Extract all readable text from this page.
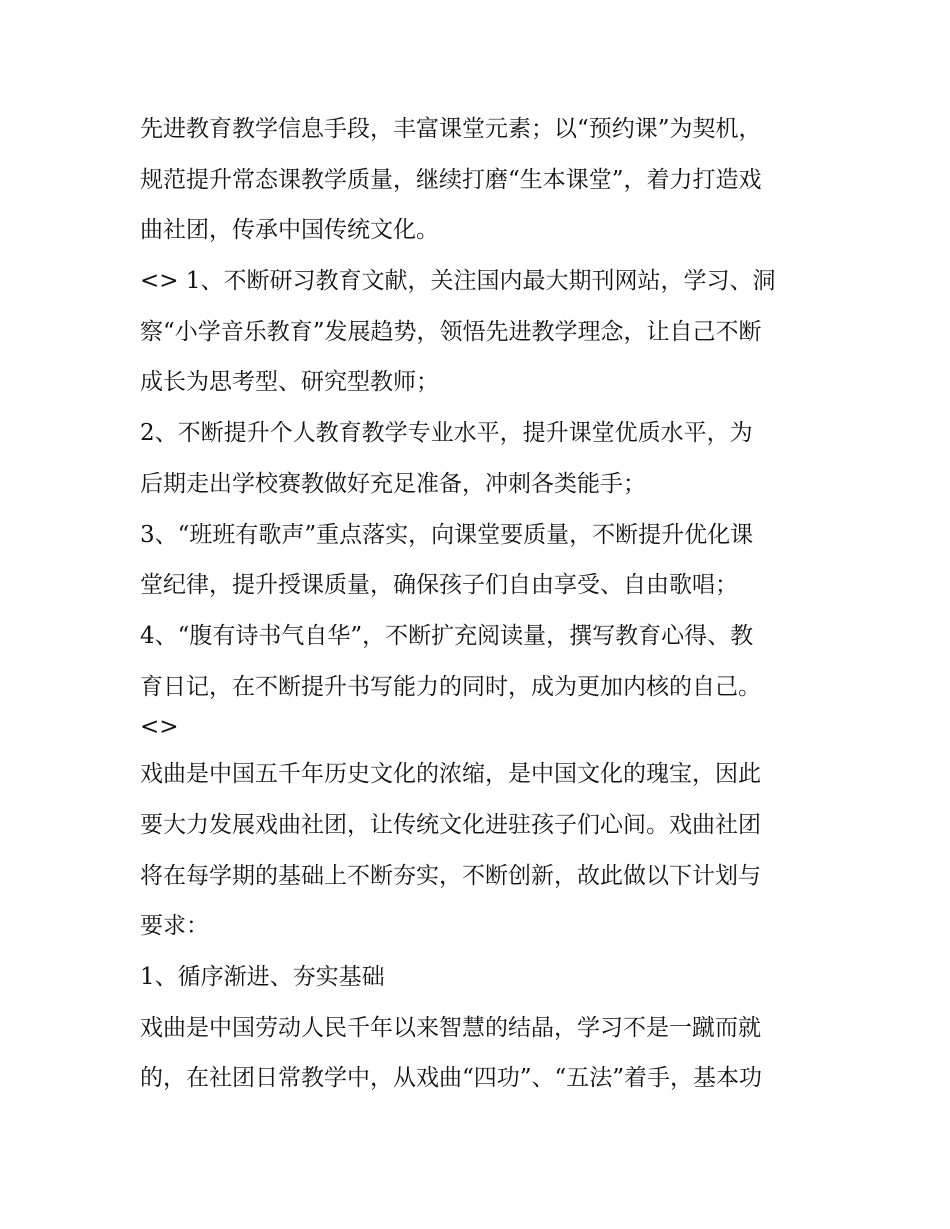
先进教育教学信息手段，丰富课堂元素；以“预约课”为契机，
规范提升常态课教学质量，继续打磨“生本课堂”，着力打造戏
曲社团，传承中国传统文化。
<> 1、不断研习教育文献，关注国内最大期刊网站，学习、洞
察“小学音乐教育”发展趋势，领悟先进教学理念，让自己不断
成长为思考型、研究型教师；
2、不断提升个人教育教学专业水平，提升课堂优质水平，为
后期走出学校赛教做好充足准备，冲刺各类能手；
3、“班班有歌声”重点落实，向课堂要质量，不断提升优化课
堂纪律，提升授课质量，确保孩子们自由享受、自由歌唱；
4、“腹有诗书气自华”，不断扩充阅读量，撰写教育心得、教
育日记，在不断提升书写能力的同时，成为更加内核的自己。
<>
戏曲是中国五千年历史文化的浓缩，是中国文化的瑰宝，因此
要大力发展戏曲社团，让传统文化进驻孩子们心间。戏曲社团
将在每学期的基础上不断夯实，不断创新，故此做以下计划与
要求：
1、循序渐进、夯实基础
戏曲是中国劳动人民千年以来智慧的结晶，学习不是一蹴而就
的，在社团日常教学中，从戏曲“四功”、“五法”着手，基本功
